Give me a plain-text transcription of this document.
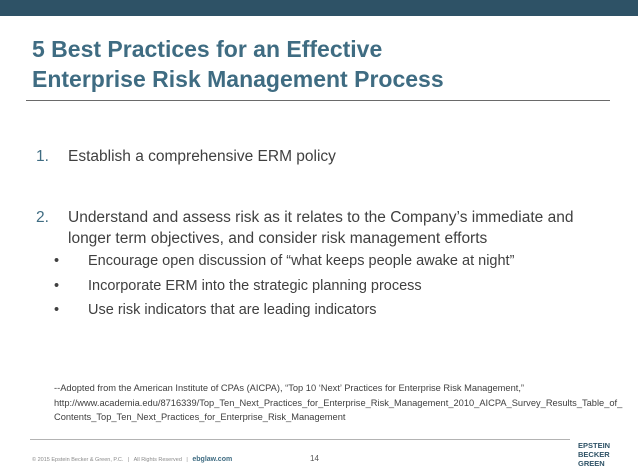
5 Best Practices for an Effective
Enterprise Risk Management Process
1. Establish a comprehensive ERM policy
2. Understand and assess risk as it relates to the Company’s immediate and
longer term objectives, and consider risk management efforts
• Encourage open discussion of “what keeps people awake at night”
• Incorporate ERM into the strategic planning process
• Use risk indicators that are leading indicators
--Adopted from the American Institute of CPAs (AICPA), “Top 10 ‘Next’ Practices for Enterprise Risk Management,”
http://www.academia.edu/8716339/Top_Ten_Next_Practices_for_Enterprise_Risk_Management_2010_AICPA_Survey_Results_Table_of_
Contents_Top_Ten_Next_Practices_for_Enterprise_Risk_Management
© 2015 Epstein Becker & Green, P.C. | All Rights Reserved | ebglaw.com	14
EPSTEIN
BECKER
GREEN
